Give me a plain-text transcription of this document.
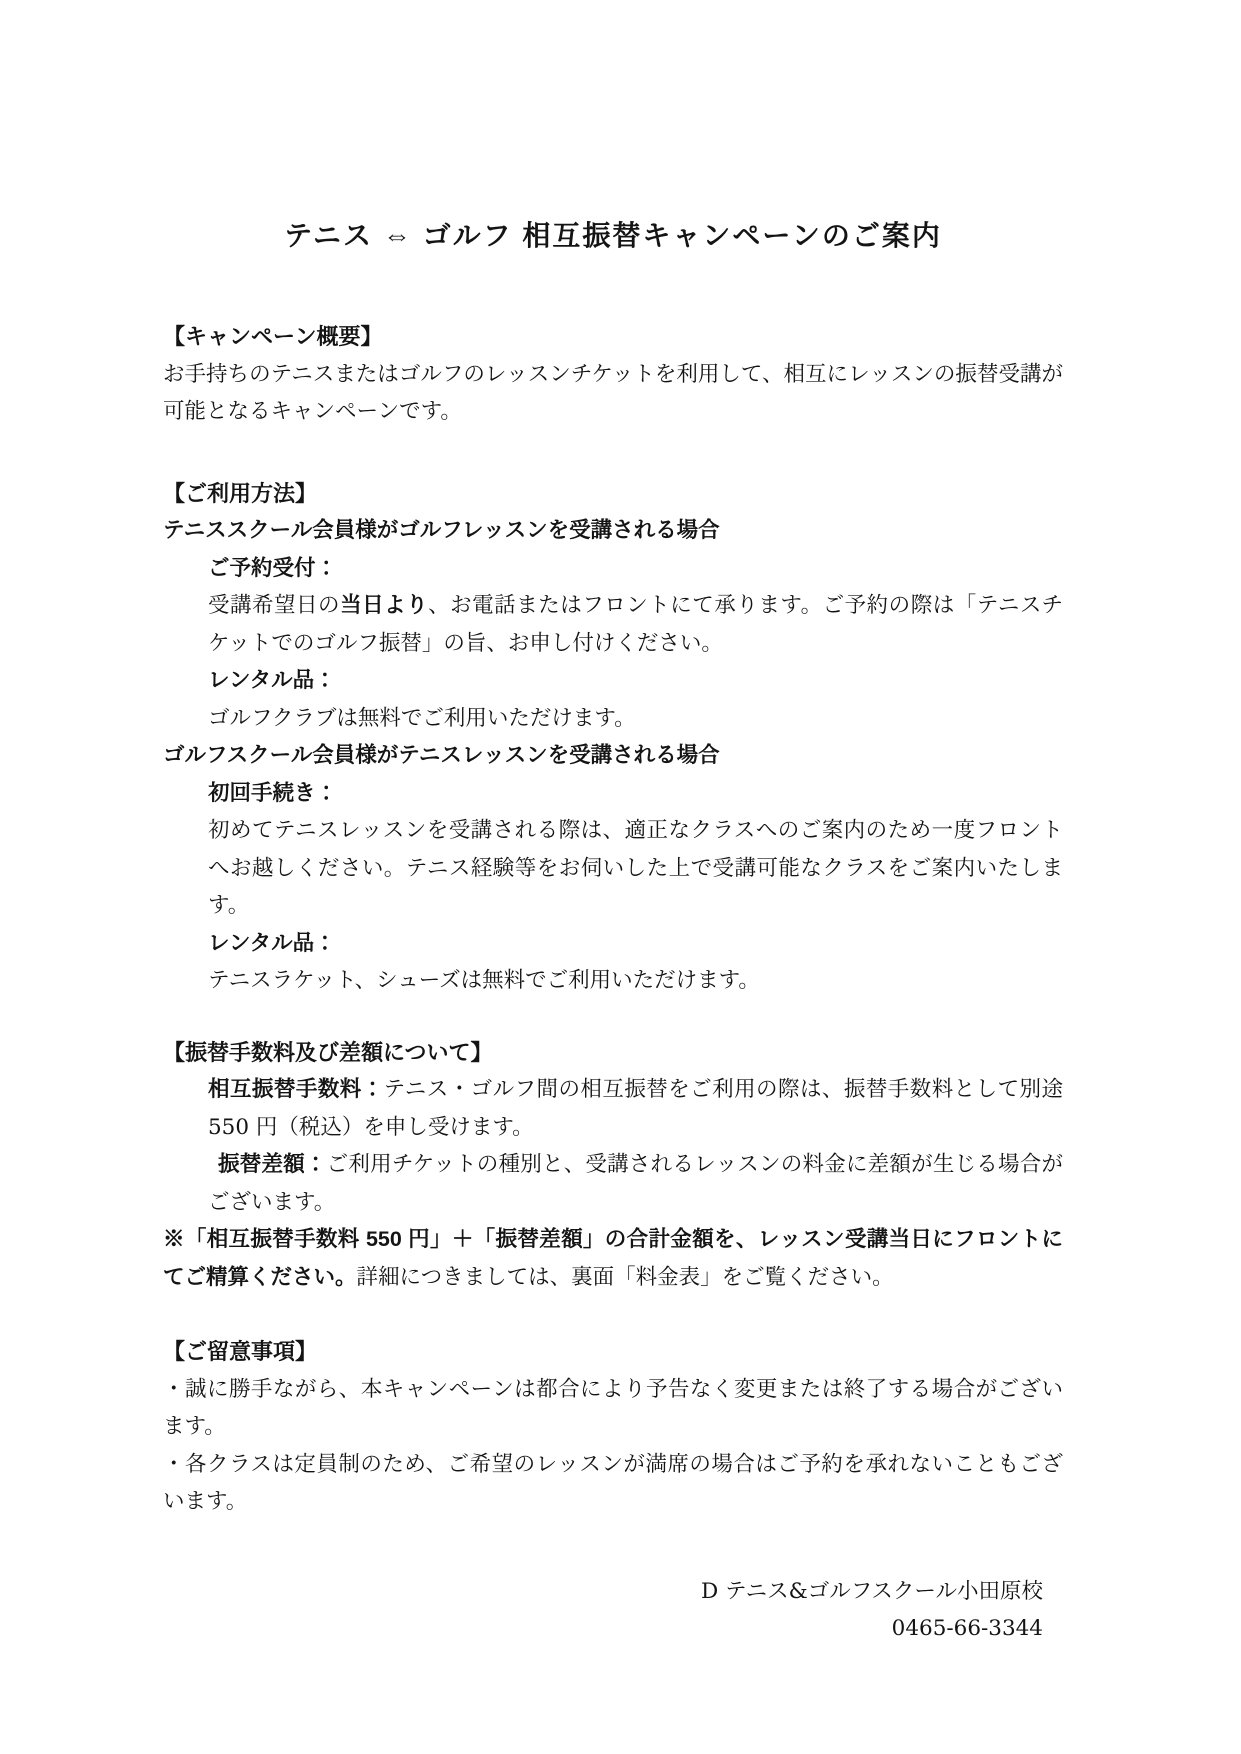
テニス ⇔ ゴルフ 相互振替キャンペーンのご案内
【キャンペーン概要】

お手持ちのテニスまたはゴルフのレッスンチケットを利用して、相互にレッスンの振替受講が可能となるキャンペーンです。

【ご利用方法】

テニススクール会員様がゴルフレッスンを受講される場合

ご予約受付：

受講希望日の当日より、お電話またはフロントにて承ります。ご予約の際は「テニスチケットでのゴルフ振替」の旨、お申し付けください。

レンタル品：

ゴルフクラブは無料でご利用いただけます。

ゴルフスクール会員様がテニスレッスンを受講される場合

初回手続き：

初めてテニスレッスンを受講される際は、適正なクラスへのご案内のため一度フロントへお越しください。テニス経験等をお伺いした上で受講可能なクラスをご案内いたします。

レンタル品：

テニスラケット、シューズは無料でご利用いただけます。

【振替手数料及び差額について】

相互振替手数料：テニス・ゴルフ間の相互振替をご利用の際は、振替手数料として別途 550 円（税込）を申し受けます。

振替差額：ご利用チケットの種別と、受講されるレッスンの料金に差額が生じる場合がございます。

※「相互振替手数料 550 円」＋「振替差額」の合計金額を、レッスン受講当日にフロントにてご精算ください。詳細につきましては、裏面「料金表」をご覧ください。

【ご留意事項】

・誠に勝手ながら、本キャンペーンは都合により予告なく変更または終了する場合がございます。

・各クラスは定員制のため、ご希望のレッスンが満席の場合はご予約を承れないこともございます。

D テニス&ゴルフスクール小田原校

0465-66-3344
